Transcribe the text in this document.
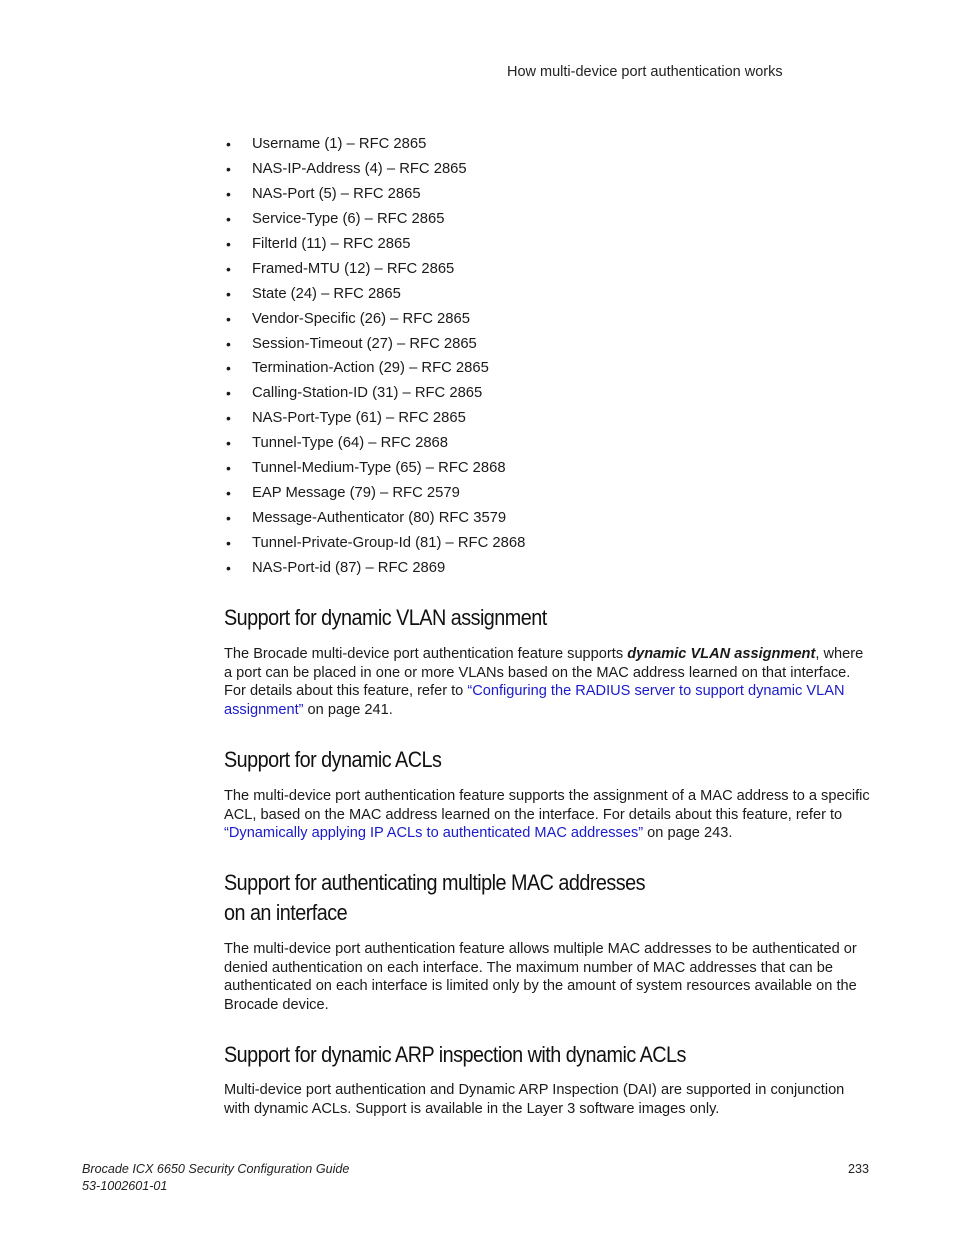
How multi-device port authentication works
• Username (1) – RFC 2865
• NAS-IP-Address (4) – RFC 2865
• NAS-Port (5) – RFC 2865
• Service-Type (6) – RFC 2865
• FilterId (11) – RFC 2865
• Framed-MTU (12) – RFC 2865
• State (24) – RFC 2865
• Vendor-Specific (26) – RFC 2865
• Session-Timeout (27) – RFC 2865
• Termination-Action (29) – RFC 2865
• Calling-Station-ID (31) – RFC 2865
• NAS-Port-Type (61) – RFC 2865
• Tunnel-Type (64) – RFC 2868
• Tunnel-Medium-Type (65) – RFC 2868
• EAP Message (79) – RFC 2579
• Message-Authenticator (80) RFC 3579
• Tunnel-Private-Group-Id (81) – RFC 2868
• NAS-Port-id (87) – RFC 2869
Support for dynamic VLAN assignment

The Brocade multi-device port authentication feature supports dynamic VLAN assignment, where a port can be placed in one or more VLANs based on the MAC address learned on that interface. For details about this feature, refer to “Configuring the RADIUS server to support dynamic VLAN assignment” on page 241.

Support for dynamic ACLs

The multi-device port authentication feature supports the assignment of a MAC address to a specific ACL, based on the MAC address learned on the interface. For details about this feature, refer to “Dynamically applying IP ACLs to authenticated MAC addresses” on page 243.

Support for authenticating multiple MAC addresses
on an interface

The multi-device port authentication feature allows multiple MAC addresses to be authenticated or denied authentication on each interface. The maximum number of MAC addresses that can be authenticated on each interface is limited only by the amount of system resources available on the Brocade device.

Support for dynamic ARP inspection with dynamic ACLs

Multi-device port authentication and Dynamic ARP Inspection (DAI) are supported in conjunction with dynamic ACLs. Support is available in the Layer 3 software images only.

Brocade ICX 6650 Security Configuration Guide
53-1002601-01
233
